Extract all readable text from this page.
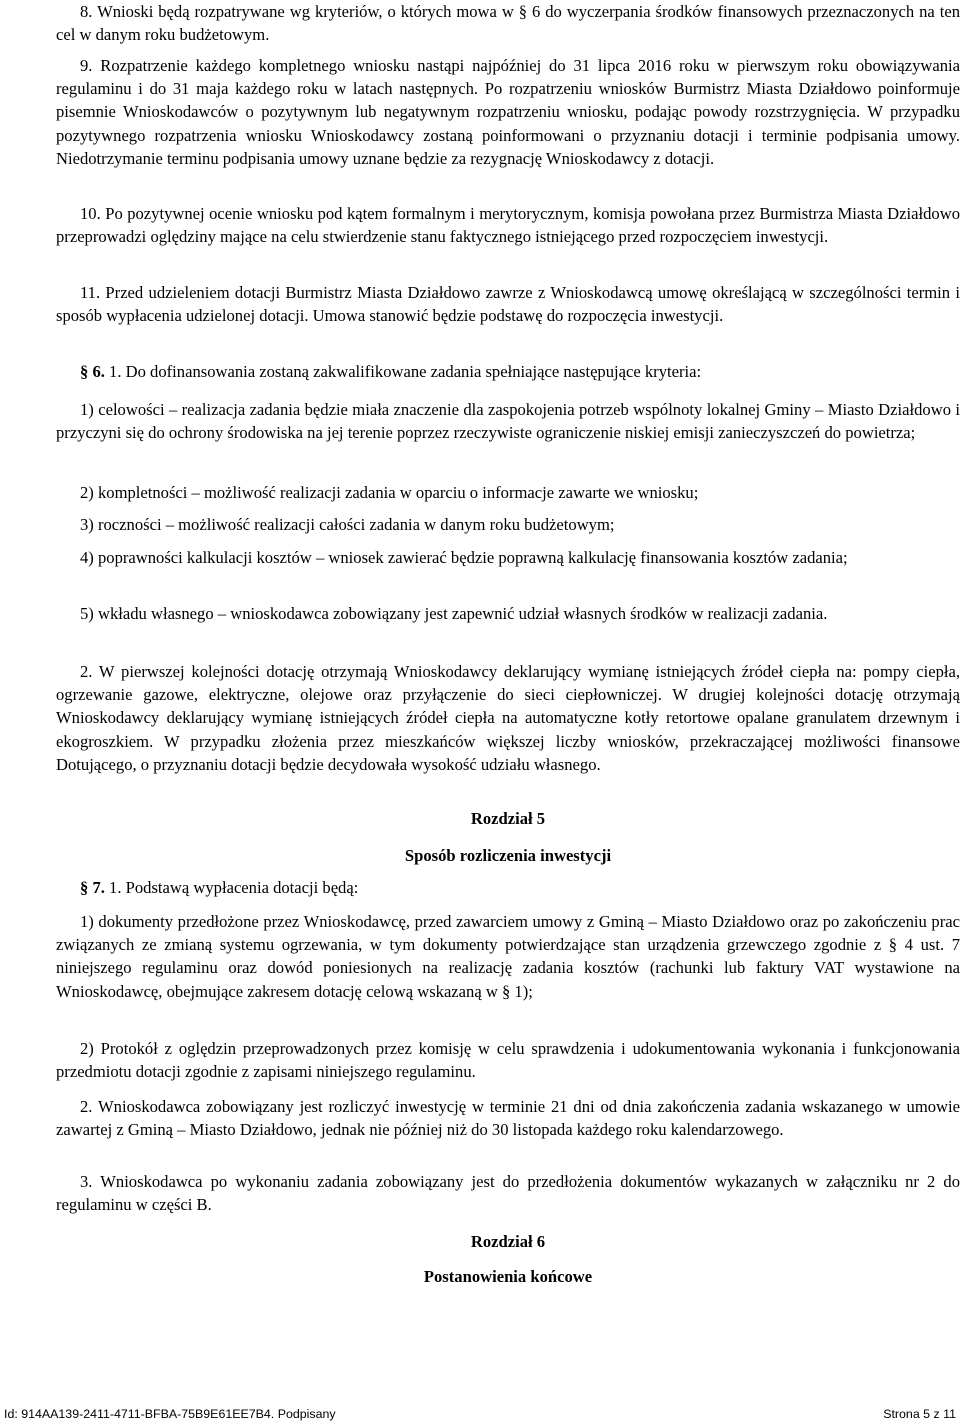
8. Wnioski będą rozpatrywane wg kryteriów, o których mowa w § 6 do wyczerpania środków finansowych przeznaczonych na ten cel w danym roku budżetowym.

9. Rozpatrzenie każdego kompletnego wniosku nastąpi najpóźniej do 31 lipca 2016 roku w pierwszym roku obowiązywania regulaminu i do 31 maja każdego roku w latach następnych. Po rozpatrzeniu wniosków Burmistrz Miasta Działdowo poinformuje pisemnie Wnioskodawców o pozytywnym lub negatywnym rozpatrzeniu wniosku, podając powody rozstrzygnięcia. W przypadku pozytywnego rozpatrzenia wniosku Wnioskodawcy zostaną poinformowani o przyznaniu dotacji i terminie podpisania umowy. Niedotrzymanie terminu podpisania umowy uznane będzie za rezygnację Wnioskodawcy z dotacji.

10. Po pozytywnej ocenie wniosku pod kątem formalnym i merytorycznym, komisja powołana przez Burmistrza Miasta Działdowo przeprowadzi oględziny mające na celu stwierdzenie stanu faktycznego istniejącego przed rozpoczęciem inwestycji.

11. Przed udzieleniem dotacji Burmistrz Miasta Działdowo zawrze z Wnioskodawcą umowę określającą w szczególności termin i sposób wypłacenia udzielonej dotacji. Umowa stanowić będzie podstawę do rozpoczęcia inwestycji.

§ 6. 1. Do dofinansowania zostaną zakwalifikowane zadania spełniające następujące kryteria:

1) celowości – realizacja zadania będzie miała znaczenie dla zaspokojenia potrzeb wspólnoty lokalnej Gminy – Miasto Działdowo i przyczyni się do ochrony środowiska na jej terenie poprzez rzeczywiste ograniczenie niskiej emisji zanieczyszczeń do powietrza;

2) kompletności – możliwość realizacji zadania w oparciu o informacje zawarte we wniosku;

3) roczności – możliwość realizacji całości zadania w danym roku budżetowym;

4) poprawności kalkulacji kosztów – wniosek zawierać będzie poprawną kalkulację finansowania kosztów zadania;

5) wkładu własnego – wnioskodawca zobowiązany jest zapewnić udział własnych środków w realizacji zadania.

2. W pierwszej kolejności dotację otrzymają Wnioskodawcy deklarujący wymianę istniejących źródeł ciepła na: pompy ciepła, ogrzewanie gazowe, elektryczne, olejowe oraz przyłączenie do sieci ciepłowniczej. W drugiej kolejności dotację otrzymają Wnioskodawcy deklarujący wymianę istniejących źródeł ciepła na automatyczne kotły retortowe opalane granulatem drzewnym i ekogroszkiem. W przypadku złożenia przez mieszkańców większej liczby wniosków, przekraczającej możliwości finansowe Dotującego, o przyznaniu dotacji będzie decydowała wysokość udziału własnego.

Rozdział 5
Sposób rozliczenia inwestycji

§ 7. 1. Podstawą wypłacenia dotacji będą:

1) dokumenty przedłożone przez Wnioskodawcę, przed zawarciem umowy z Gminą – Miasto Działdowo oraz po zakończeniu prac związanych ze zmianą systemu ogrzewania, w tym dokumenty potwierdzające stan urządzenia grzewczego zgodnie z § 4 ust. 7 niniejszego regulaminu oraz dowód poniesionych na realizację zadania kosztów (rachunki lub faktury VAT wystawione na Wnioskodawcę, obejmujące zakresem dotację celową wskazaną w § 1);

2) Protokół z oględzin przeprowadzonych przez komisję w celu sprawdzenia i udokumentowania wykonania i funkcjonowania przedmiotu dotacji zgodnie z zapisami niniejszego regulaminu.

2. Wnioskodawca zobowiązany jest rozliczyć inwestycję w terminie 21 dni od dnia zakończenia zadania wskazanego w umowie zawartej z Gminą – Miasto Działdowo, jednak nie później niż do 30 listopada każdego roku kalendarzowego.

3. Wnioskodawca po wykonaniu zadania zobowiązany jest do przedłożenia dokumentów wykazanych w załączniku nr 2 do regulaminu w części B.

Rozdział 6
Postanowienia końcowe
Id: 914AA139-2411-4711-BFBA-75B9E61EE7B4. Podpisany	Strona 5 z 11
